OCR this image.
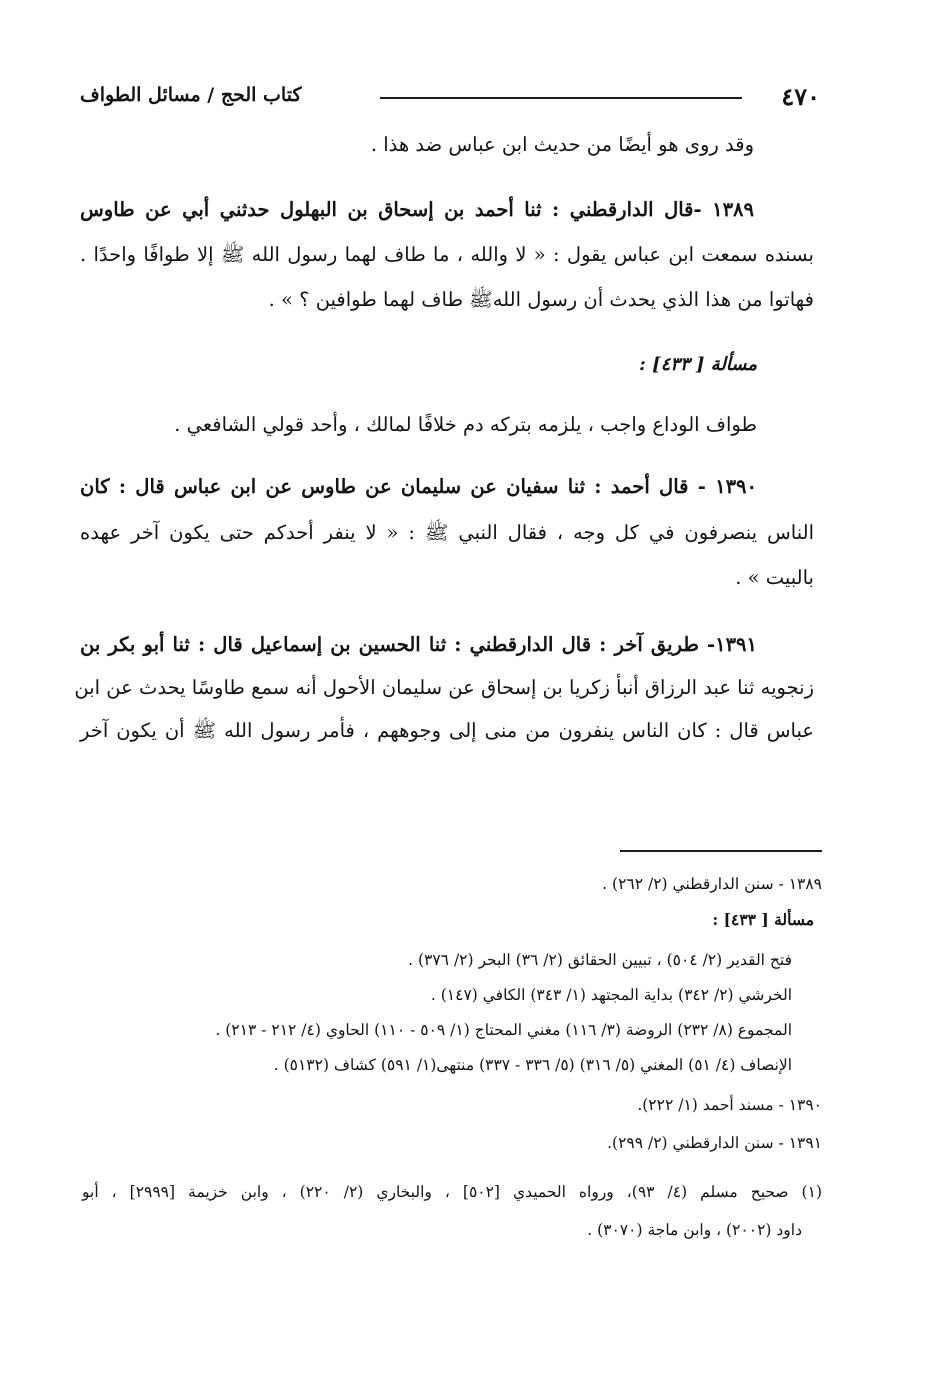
٤٧٠
كتاب الحج / مسائل الطواف
وقد روى هو أيضًا من حديث ابن عباس ضد هذا .
١٣٨٩ -قال الدارقطني : ثنا أحمد بن إسحاق بن البهلول حدثني أبي عن طاوس
بسنده سمعت ابن عباس يقول : « لا والله ، ما طاف لهما رسول الله ﷺ إلا طوافًا واحدًا .
فهاتوا من هذا الذي يحدث أن رسول اللهﷺ طاف لهما طوافين ؟ » .
مسألة [ ٤٣٣] :
طواف الوداع واجب ، يلزمه بتركه دم خلافًا لمالك ، وأحد قولي الشافعي .
١٣٩٠ - قال أحمد : ثنا سفيان عن سليمان عن طاوس عن ابن عباس قال : كان
الناس ينصرفون في كل وجه ، فقال النبي ﷺ : « لا ينفر أحدكم حتى يكون آخر عهده
بالبيت » .
١٣٩١- طريق آخر : قال الدارقطني : ثنا الحسين بن إسماعيل قال : ثنا أبو بكر بن
زنجويه ثنا عبد الرزاق أنبأ زكريا بن إسحاق عن سليمان الأحول أنه سمع طاوسًا يحدث عن ابن
عباس قال : كان الناس ينفرون من منى إلى وجوههم ، فأمر رسول الله ﷺ أن يكون آخر
١٣٨٩ - سنن الدارقطني (٢/ ٢٦٢) .
مسألة [ ٤٣٣] :
فتح القدير (٢/ ٥٠٤) ، تبيين الحقائق (٢/ ٣٦) البحر (٢/ ٣٧٦) .
الخرشي (٢/ ٣٤٢) بداية المجتهد (١/ ٣٤٣) الكافي (١٤٧) .
المجموع (٨/ ٢٣٢) الروضة (٣/ ١١٦) مغني المحتاج (١/ ٥٠٩ - ١١٠) الحاوي (٤/ ٢١٢ - ٢١٣) .
الإنصاف (٤/ ٥١) المغني (٥/ ٣١٦) (٥/ ٣٣٦ - ٣٣٧) منتهى(١/ ٥٩١) كشاف (٥١٣٢) .
١٣٩٠ - مسند أحمد (١/ ٢٢٢).
١٣٩١ - سنن الدارقطني (٢/ ٢٩٩).
(١) صحيح مسلم (٤/ ٩٣)، ورواه الحميدي [٥٠٢] ، والبخاري (٢/ ٢٢٠) ، وابن خزيمة [٢٩٩٩] ، أبو
داود (٢٠٠٢) ، وابن ماجة (٣٠٧٠) .
